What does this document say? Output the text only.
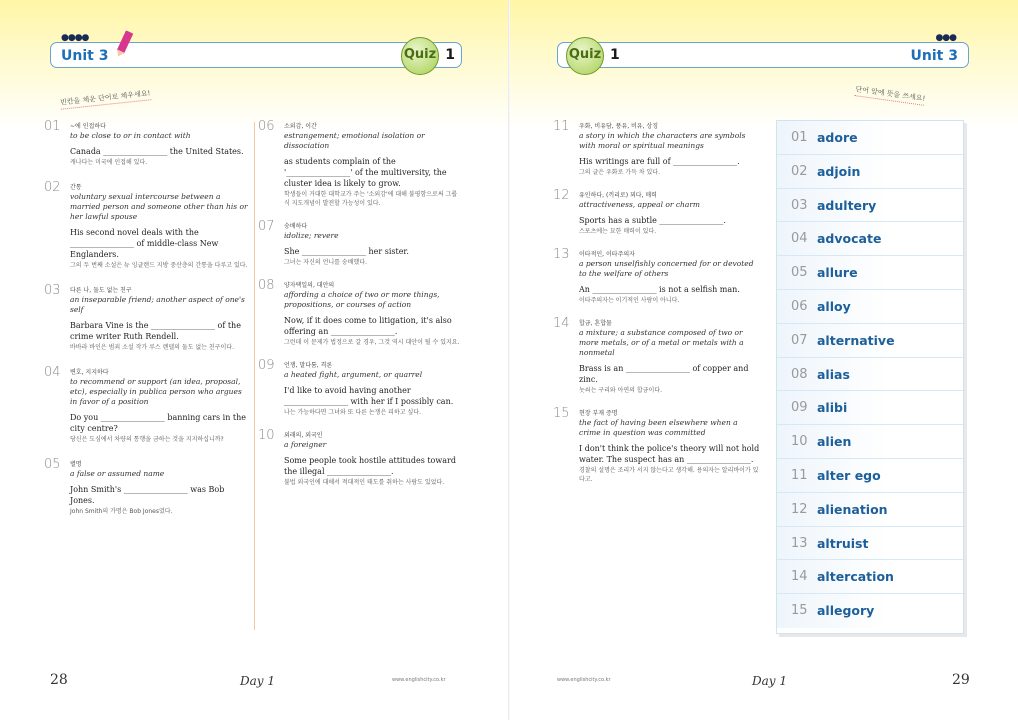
●●●●
Unit 3	Quiz 1
●●●
Quiz 1	Unit 3
빈칸을 채운 단어로 채우세요!	단어 앞에 뜻을 쓰세요!
01 ~에 인접하다
to be close to or in contact with
Canada ________________ the United States.
캐나다는 미국에 인접해 있다.
02 간통
voluntary sexual intercourse between a married person and someone other than his or her lawful spouse
His second novel deals with the ________________ of middle-class New Englanders.
그의 두 번째 소설은 뉴 잉글랜드 지방 중산층의 간통을 다루고 있다.
03 다른 나, 둘도 없는 친구
an inseparable friend; another aspect of one's self
Barbara Vine is the ________________ of the crime writer Ruth Rendell.
바바라 바인은 범죄 소설 작가 루스 렌델의 둘도 없는 친구이다.
04 변호, 지지하다
to recommend or support (an idea, proposal, etc), especially in publica person who argues in favor of a position
Do you ________________ banning cars in the city centre?
당신은 도심에서 차량의 통행을 금하는 것을 지지하십니까?
05 별명
a false or assumed name
John Smith's ________________ was Bob Jones.
John Smith의 가명은 Bob Jones였다.
06 소외감, 이간
estrangement; emotional isolation or dissociation
as students complain of the '________________' of the multiversity, the cluster idea is likely to grow.
학생들이 거대한 대학교가 주는 '소외감'에 대해 불평함으로써 그룹 식 지도개념이 발전할 가능성이 있다.
07 숭배하다
idolize; revere
She ________________ her sister.
그녀는 자신의 언니를 숭배했다.
08 양자택일의, 대안의
affording a choice of two or more things, propositions, or courses of action
Now, if it does come to litigation, it's also offering an ________________.
그런데 이 문제가 법정으로 갈 경우, 그것 역시 대안이 될 수 있지요.
09 언쟁, 말다툼, 격론
a heated fight, argument, or quarrel
I'd like to avoid having another ________________ with her if I possibly can.
나는 가능하다면 그녀와 또 다른 논쟁은 피하고 싶다.
10 외래의, 외국인
a foreigner
Some people took hostile attitudes toward the illegal ________________.
불법 외국인에 대해서 적대적인 태도를 취하는 사람도 있었다.
11 우화, 비유담, 풍유, 비유, 상징
a story in which the characters are symbols with moral or spiritual meanings
His writings are full of ________________.
그의 글은 우화로 가득 차 있다.
12 유인하다, (끼리로) 꾀다, 매력
attractiveness, appeal or charm
Sports has a subtle ________________.
스포츠에는 묘한 매력이 있다.
13 이타적인, 이타주의자
a person unselfishly concerned for or devoted to the welfare of others
An ________________ is not a selfish man.
이타주의자는 이기적인 사람이 아니다.
14 합금, 혼합물
a mixture; a substance composed of two or more metals, or of a metal or metals with a nonmetal
Brass is an ________________ of copper and zinc.
놋쇠는 구리와 아연의 합금이다.
15 현장 부재 증명
the fact of having been elsewhere when a crime in question was committed
I don't think the police's theory will not hold water. The suspect has an ________________.
경찰의 설명은 조리가 서지 않는다고 생각해. 용의자는 알리바이가 있다고.
01 adore
02 adjoin
03 adultery
04 advocate
05 allure
06 alloy
07 alternative
08 alias
09 alibi
10 alien
11 alter ego
12 alienation
13 altruist
14 altercation
15 allegory
28	Day 1	www.englishcity.co.kr	www.englishcity.co.kr	Day 1	29
